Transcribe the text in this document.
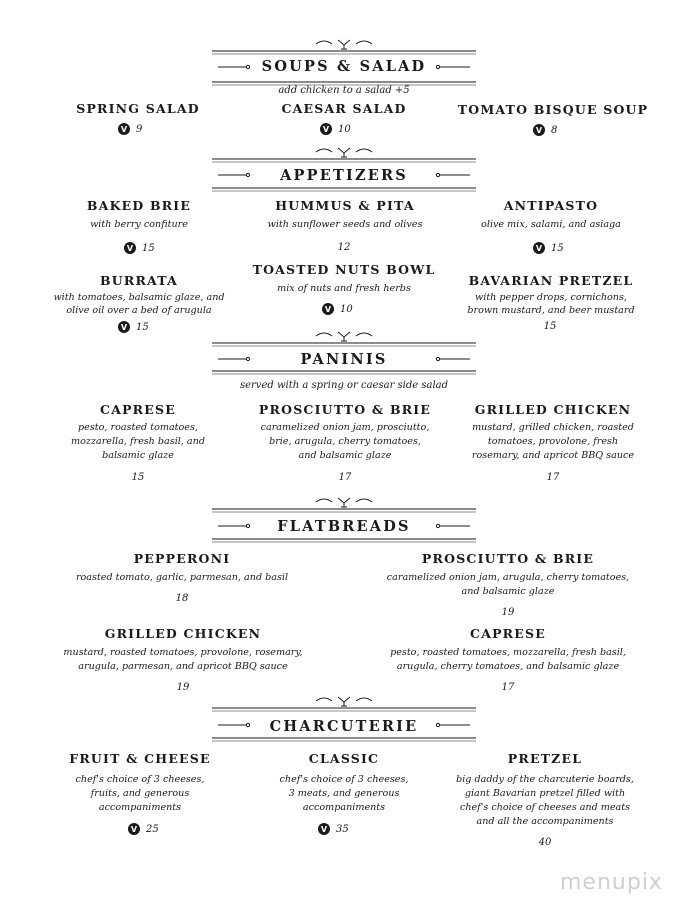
SOUPS & SALAD
add chicken to a salad +5
SPRING SALAD
V 9
CAESAR SALAD
V 10
TOMATO BISQUE SOUP
V 8
APPETIZERS
BAKED BRIE
with berry confiture
V 15
HUMMUS & PITA
with sunflower seeds and olives
12
ANTIPASTO
olive mix, salami, and asiaga
V 15
BURRATA
with tomatoes, balsamic glaze, and
olive oil over a bed of arugula
V 15
TOASTED NUTS BOWL
mix of nuts and fresh herbs
V 10
BAVARIAN PRETZEL
with pepper drops, cornichons,
brown mustard, and beer mustard
15
PANINIS
served with a spring or caesar side salad
CAPRESE
pesto, roasted tomatoes,
mozzarella, fresh basil, and
balsamic glaze
15
PROSCIUTTO & BRIE
caramelized onion jam, prosciutto,
brie, arugula, cherry tomatoes,
and balsamic glaze
17
GRILLED CHICKEN
mustard, grilled chicken, roasted
tomatoes, provolone, fresh
rosemary, and apricot BBQ sauce
17
FLATBREADS
PEPPERONI
roasted tomato, garlic, parmesan, and basil
18
PROSCIUTTO & BRIE
caramelized onion jam, arugula, cherry tomatoes,
and balsamic glaze
19
GRILLED CHICKEN
mustard, roasted tomatoes, provolone, rosemary,
arugula, parmesan, and apricot BBQ sauce
19
CAPRESE
pesto, roasted tomatoes, mozzarella, fresh basil,
arugula, cherry tomatoes, and balsamic glaze
17
CHARCUTERIE
FRUIT & CHEESE
chef's choice of 3 cheeses,
fruits, and generous
accompaniments
V 25
CLASSIC
chef's choice of 3 cheeses,
3 meats, and generous
accompaniments
V 35
PRETZEL
big daddy of the charcuterie boards,
giant Bavarian pretzel filled with
chef's choice of cheeses and meats
and all the accompaniments
40
menupix
